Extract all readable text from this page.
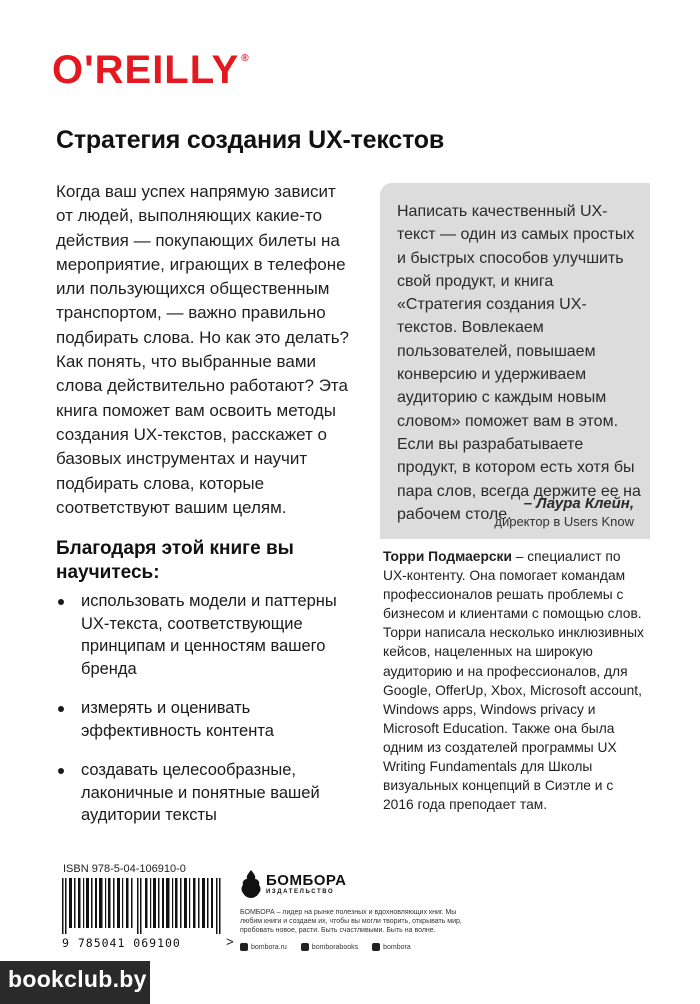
O'REILLY ®
Стратегия создания UX-текстов
Когда ваш успех напрямую зависит от людей, выполняющих какие-то действия — покупающих билеты на мероприятие, играющих в телефоне или пользующихся общественным транспортом, — важно правильно подбирать слова. Но как это делать? Как понять, что выбранные вами слова действительно работают? Эта книга поможет вам освоить методы создания UX-текстов, расскажет о базовых инструментах и научит подбирать слова, которые соответствуют вашим целям.
Написать качественный UX-текст — один из самых простых и быстрых способов улучшить свой продукт, и книга «Стратегия создания UX-текстов. Вовлекаем пользователей, повышаем конверсию и удерживаем аудиторию с каждым новым словом» поможет вам в этом. Если вы разрабатываете продукт, в котором есть хотя бы пара слов, всегда держите ее на рабочем столе.
– Лаура Клейн,
директор в Users Know
Благодаря этой книге вы научитесь:
использовать модели и паттерны UX-текста, соответствующие принципам и ценностям вашего бренда
измерять и оценивать эффективность контента
создавать целесообразные, лаконичные и понятные вашей аудитории тексты
Торри Подмаерски – специалист по UX-контенту. Она помогает командам профессионалов решать проблемы с бизнесом и клиентами с помощью слов. Торри написала несколько инклюзивных кейсов, нацеленных на широкую аудиторию и на профессионалов, для Google, OfferUp, Xbox, Microsoft account, Windows apps, Windows privacy и Microsoft Education. Также она была одним из создателей программы UX Writing Fundamentals для Школы визуальных концепций в Сиэтле и с 2016 года преподает там.
ISBN 978-5-04-106910-0
9 785041 069100	>
БОМБОРА
ИЗДАТЕЛЬСТВО
БОМБОРА – лидер на рынке полезных и вдохновляющих книг. Мы любим книги и создаем их, чтобы вы могли творить, открывать мир, пробовать новое, расти. Быть счастливыми. Быть на волне.
bombora.ru	bomborabooks	bombora
bookclub.by
